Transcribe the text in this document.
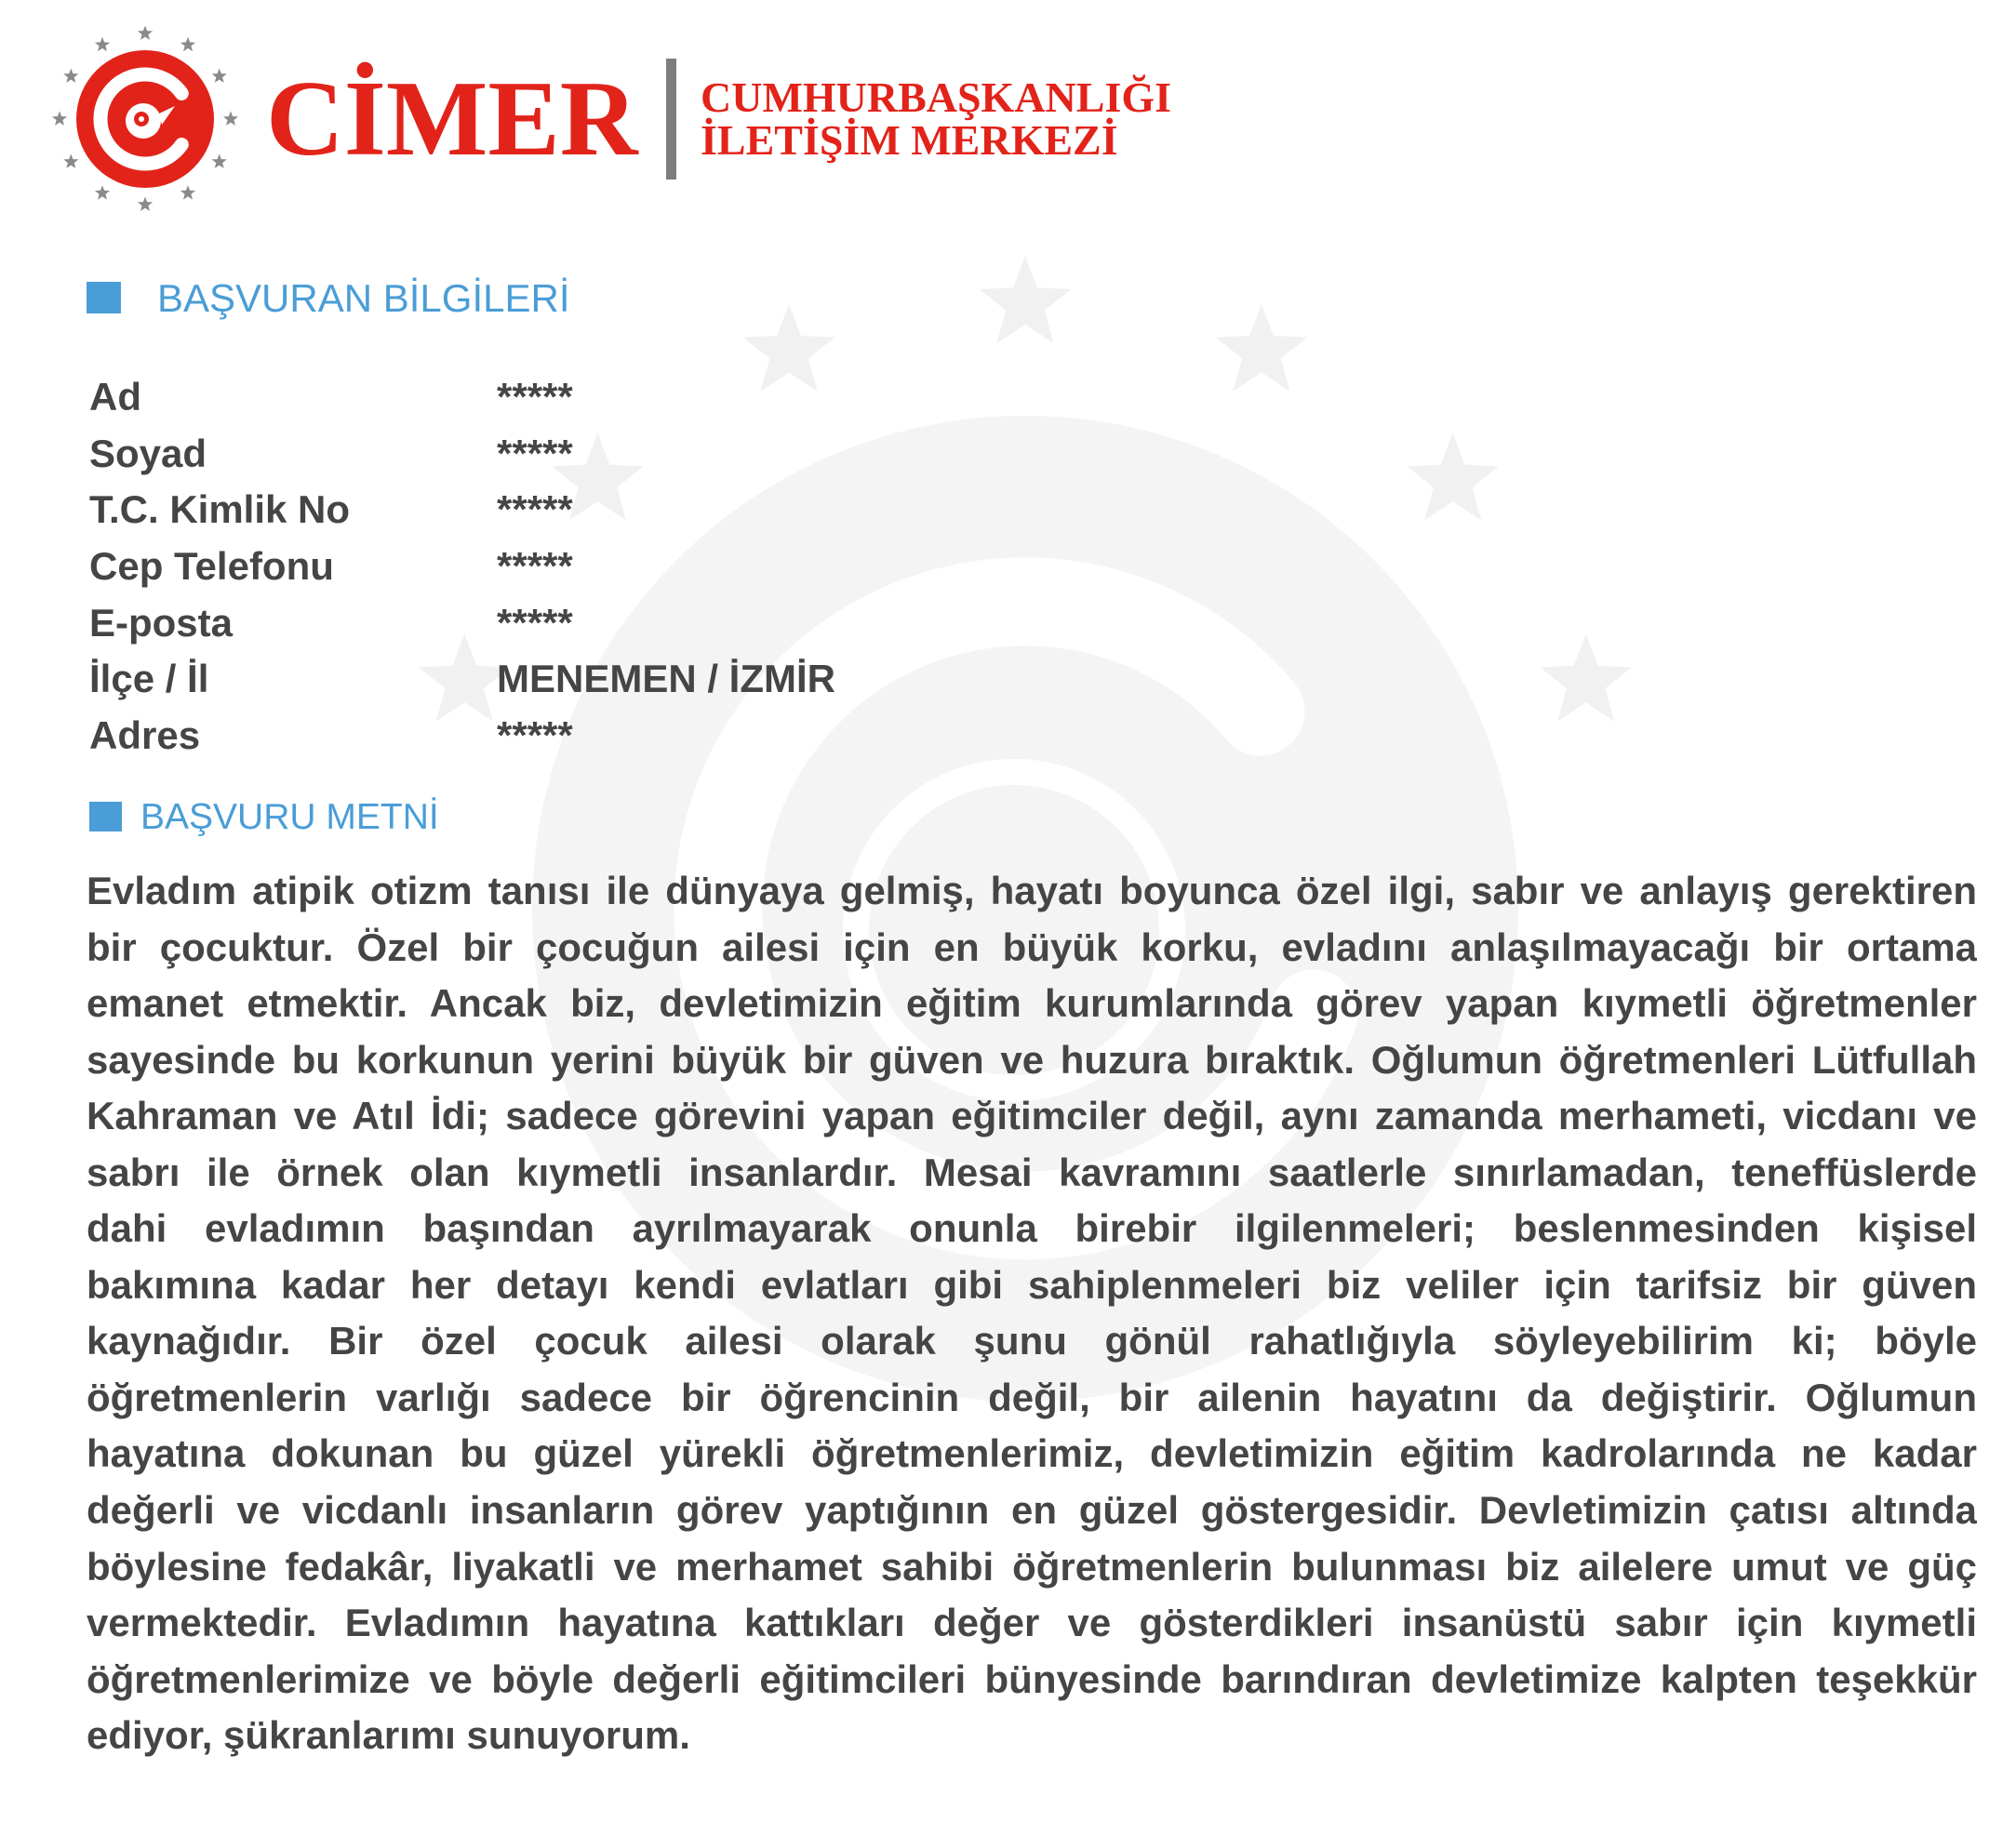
CİMER CUMHURBAŞKANLIĞI
İLETİŞİM MERKEZİ
BAŞVURAN BİLGİLERİ
Ad	*****
Soyad	*****
T.C. Kimlik No	*****
Cep Telefonu	*****
E-posta	*****
İlçe / İl	MENEMEN / İZMİR
Adres	*****
BAŞVURU METNİ
Evladım atipik otizm tanısı ile dünyaya gelmiş, hayatı boyunca özel ilgi, sabır ve anlayış gerektiren
bir çocuktur. Özel bir çocuğun ailesi için en büyük korku, evladını anlaşılmayacağı bir ortama
emanet etmektir. Ancak biz, devletimizin eğitim kurumlarında görev yapan kıymetli öğretmenler
sayesinde bu korkunun yerini büyük bir güven ve huzura bıraktık. Oğlumun öğretmenleri Lütfullah
Kahraman ve Atıl İdi; sadece görevini yapan eğitimciler değil, aynı zamanda merhameti, vicdanı ve
sabrı ile örnek olan kıymetli insanlardır. Mesai kavramını saatlerle sınırlamadan, teneffüslerde
dahi evladımın başından ayrılmayarak onunla birebir ilgilenmeleri; beslenmesinden kişisel
bakımına kadar her detayı kendi evlatları gibi sahiplenmeleri biz veliler için tarifsiz bir güven
kaynağıdır. Bir özel çocuk ailesi olarak şunu gönül rahatlığıyla söyleyebilirim ki; böyle
öğretmenlerin varlığı sadece bir öğrencinin değil, bir ailenin hayatını da değiştirir. Oğlumun
hayatına dokunan bu güzel yürekli öğretmenlerimiz, devletimizin eğitim kadrolarında ne kadar
değerli ve vicdanlı insanların görev yaptığının en güzel göstergesidir. Devletimizin çatısı altında
böylesine fedakâr, liyakatli ve merhamet sahibi öğretmenlerin bulunması biz ailelere umut ve güç
vermektedir. Evladımın hayatına kattıkları değer ve gösterdikleri insanüstü sabır için kıymetli
öğretmenlerimize ve böyle değerli eğitimcileri bünyesinde barındıran devletimize kalpten teşekkür
ediyor, şükranlarımı sunuyorum.
